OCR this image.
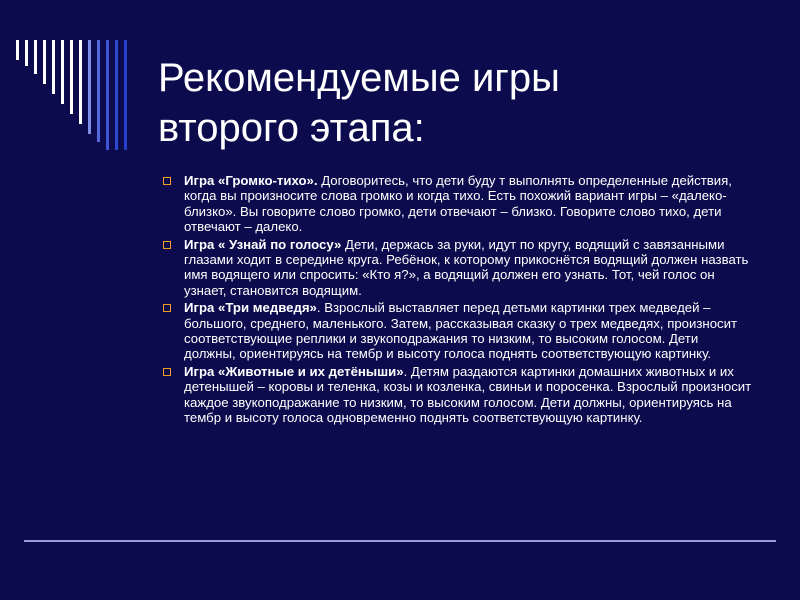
Рекомендуемые игры
второго этапа:
Игра «Громко-тихо». Договоритесь, что дети буду т выполнять определенные действия, когда вы произносите слова громко и когда тихо. Есть похожий вариант игры – «далеко-близко». Вы говорите слово громко, дети отвечают – близко. Говорите слово тихо, дети отвечают – далеко.
Игра « Узнай по голосу» Дети, держась за руки, идут по кругу, водящий с завязанными глазами ходит в середине круга. Ребёнок, к которому прикоснётся водящий должен назвать имя водящего или спросить: «Кто я?», а водящий должен его узнать. Тот, чей голос он узнает, становится водящим.
Игра «Три медведя». Взрослый выставляет перед детьми картинки трех медведей – большого, среднего, маленького. Затем, рассказывая сказку о трех медведях, произносит соответствующие реплики и звукоподражания то низким, то высоким голосом. Дети должны, ориентируясь на тембр и высоту голоса поднять соответствующую картинку.
Игра «Животные и их детёныши». Детям раздаются картинки домашних животных и их детенышей – коровы и теленка, козы и козленка, свиньи и поросенка. Взрослый произносит каждое звукоподражание то низким, то высоким голосом. Дети должны, ориентируясь на тембр и высоту голоса одновременно поднять соответствующую картинку.
